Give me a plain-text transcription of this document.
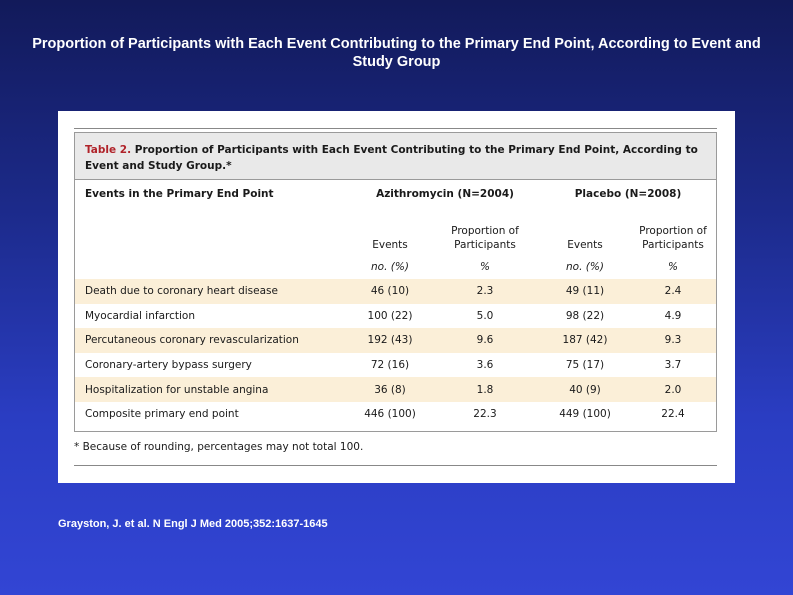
Proportion of Participants with Each Event Contributing to the Primary End Point, According to Event and Study Group
Table 2. Proportion of Participants with Each Event Contributing to the Primary End Point, According to Event and Study Group.*
Events in the Primary End Point	Azithromycin (N=2004)		Placebo (N=2008)	
	Events	Proportion of Participants	Events	Proportion of Participants
	no. (%)	%	no. (%)	%
Death due to coronary heart disease	46 (10)	2.3	49 (11)	2.4
Myocardial infarction	100 (22)	5.0	98 (22)	4.9
Percutaneous coronary revascularization	192 (43)	9.6	187 (42)	9.3
Coronary-artery bypass surgery	72 (16)	3.6	75 (17)	3.7
Hospitalization for unstable angina	36 (8)	1.8	40 (9)	2.0
Composite primary end point	446 (100)	22.3	449 (100)	22.4
* Because of rounding, percentages may not total 100.
Grayston, J. et al. N Engl J Med 2005;352:1637-1645
